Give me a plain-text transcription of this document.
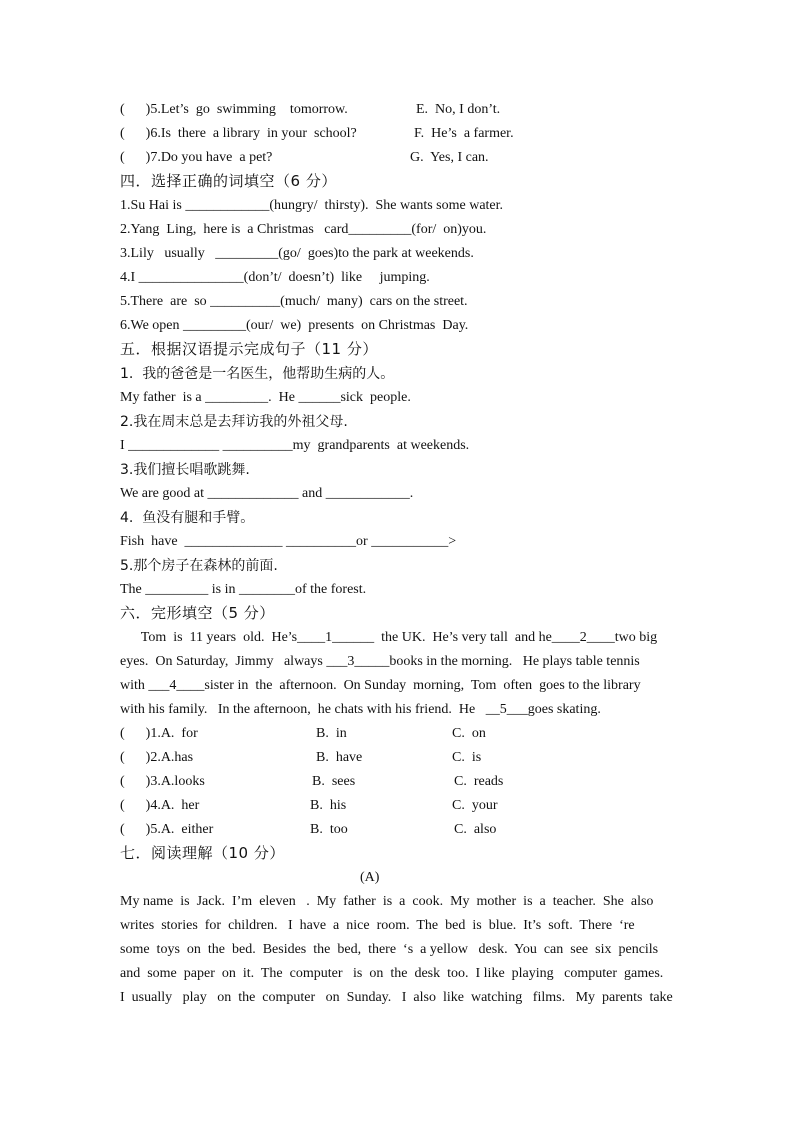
(      )5.Let’s  go  swimming    tomorrow.	E.  No, I don’t.
(      )6.Is  there  a library  in your  school?	F.  He’s  a farmer.
(      )7.Do you have  a pet?	G.  Yes, I can.
四．选择正确的词填空（6 分）
1.Su Hai is ____________(hungry/  thirsty).  She wants some water.
2.Yang  Ling,  here is  a Christmas   card_________(for/  on)you.
3.Lily   usually   _________(go/  goes)to the park at weekends.
4.I _______________(don’t/  doesn’t)  like     jumping.
5.There  are  so __________(much/  many)  cars on the street.
6.We open _________(our/  we)  presents  on Christmas  Day.
五．根据汉语提示完成句子（11 分）
1.  我的爸爸是一名医生，他帮助生病的人。
My father  is a _________.  He ______sick  people.
2.我在周末总是去拜访我的外祖父母.
I _____________ __________my  grandparents  at weekends.
3.我们擅长唱歌跳舞.
We are good at _____________ and ____________.
4.  鱼没有腿和手臂。
Fish  have  ______________ __________or ___________>
5.那个房子在森林的前面.
The _________ is in ________of the forest.
六．完形填空（5 分）
Tom  is  11 years  old.  He’s____1______  the UK.  He’s very tall  and he____2____two big
eyes.  On Saturday,  Jimmy   always ___3_____books in the morning.   He plays table tennis
with ___4____sister in  the  afternoon.  On Sunday  morning,  Tom  often  goes to the library
with his family.   In the afternoon,  he chats with his friend.  He   __5___goes skating.
(      )1.A.  for	B.  in	C.  on
(      )2.A.has	B.  have	C.  is
(      )3.A.looks	B.  sees	C.  reads
(      )4.A.  her	B.  his	C.  your
(      )5.A.  either	B.  too	C.  also
七．阅读理解（10 分）
(A)
My name  is  Jack.  I’m  eleven   .  My  father  is  a  cook.  My  mother  is  a  teacher.  She  also
writes  stories  for  children.   I  have  a  nice  room.  The  bed  is  blue.  It’s  soft.  There  ‘re
some  toys  on  the  bed.  Besides  the  bed,  there  ‘s  a yellow   desk.  You  can  see  six  pencils
and  some  paper  on  it.  The  computer   is  on  the  desk  too.  I like  playing   computer  games.
I  usually   play   on  the  computer   on  Sunday.   I  also  like  watching   films.   My  parents  take
